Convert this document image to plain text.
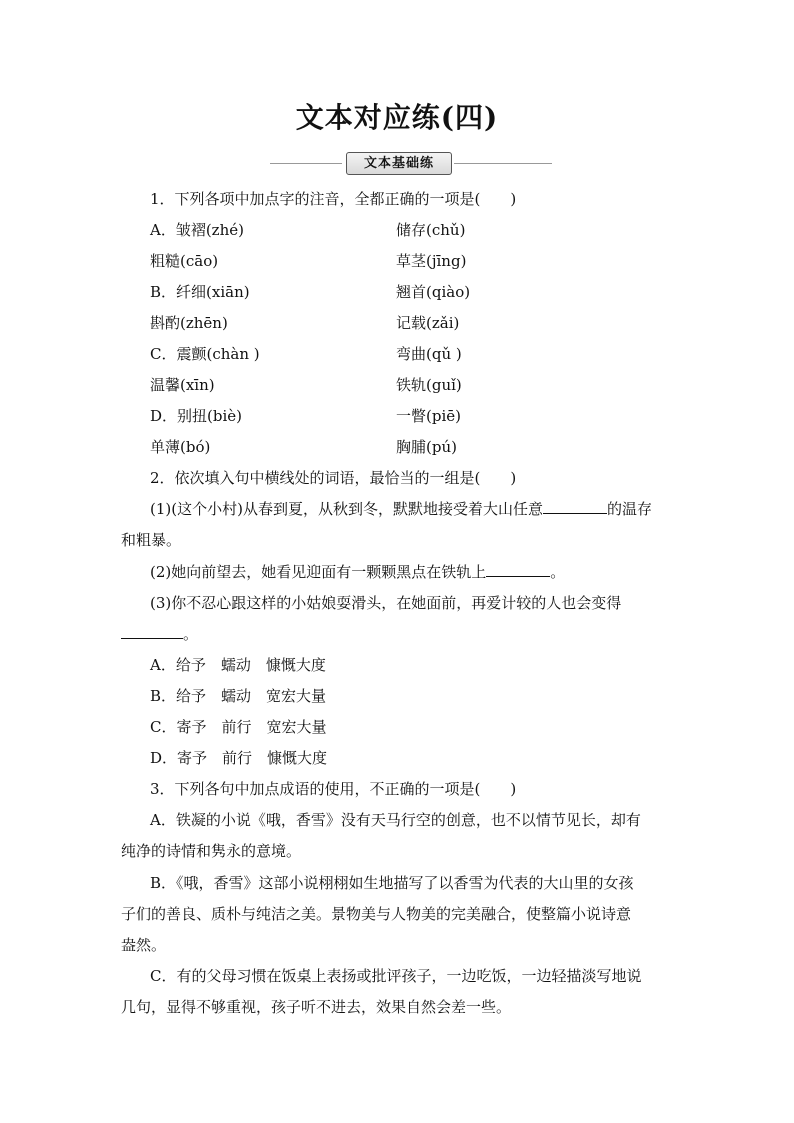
文本对应练(四)
文本基础练
1．下列各项中加点字的注音，全都正确的一项是(　　)
A．皱褶(zhé)	储存(chǔ)
粗糙(cāo)	草茎(jīng)
B．纤细(xiān)	翘首(qiào)
斟酌(zhēn)	记载(zǎi)
C．震颤(chàn )	弯曲(qǔ )
温馨(xīn)	铁轨(guǐ)
D．别扭(biè)	一瞥(piē)
单薄(bó)	胸脯(pú)
2．依次填入句中横线处的词语，最恰当的一组是(　　)
(1)(这个小村)从春到夏，从秋到冬，默默地接受着大山任意	的温存
和粗暴。
(2)她向前望去，她看见迎面有一颗颗黑点在铁轨上	。
(3)你不忍心跟这样的小姑娘耍滑头，在她面前，再爱计较的人也会变得
。
A．给予　蠕动　慷慨大度
B．给予　蠕动　宽宏大量
C．寄予　前行　宽宏大量
D．寄予　前行　慷慨大度
3．下列各句中加点成语的使用，不正确的一项是(　　)
A．铁凝的小说《哦，香雪》没有天马行空的创意，也不以情节见长，却有
纯净的诗情和隽永的意境。
B．《哦，香雪》这部小说栩栩如生地描写了以香雪为代表的大山里的女孩
子们的善良、质朴与纯洁之美。景物美与人物美的完美融合，使整篇小说诗意
盎然。
C．有的父母习惯在饭桌上表扬或批评孩子，一边吃饭，一边轻描淡写地说
几句，显得不够重视，孩子听不进去，效果自然会差一些。
